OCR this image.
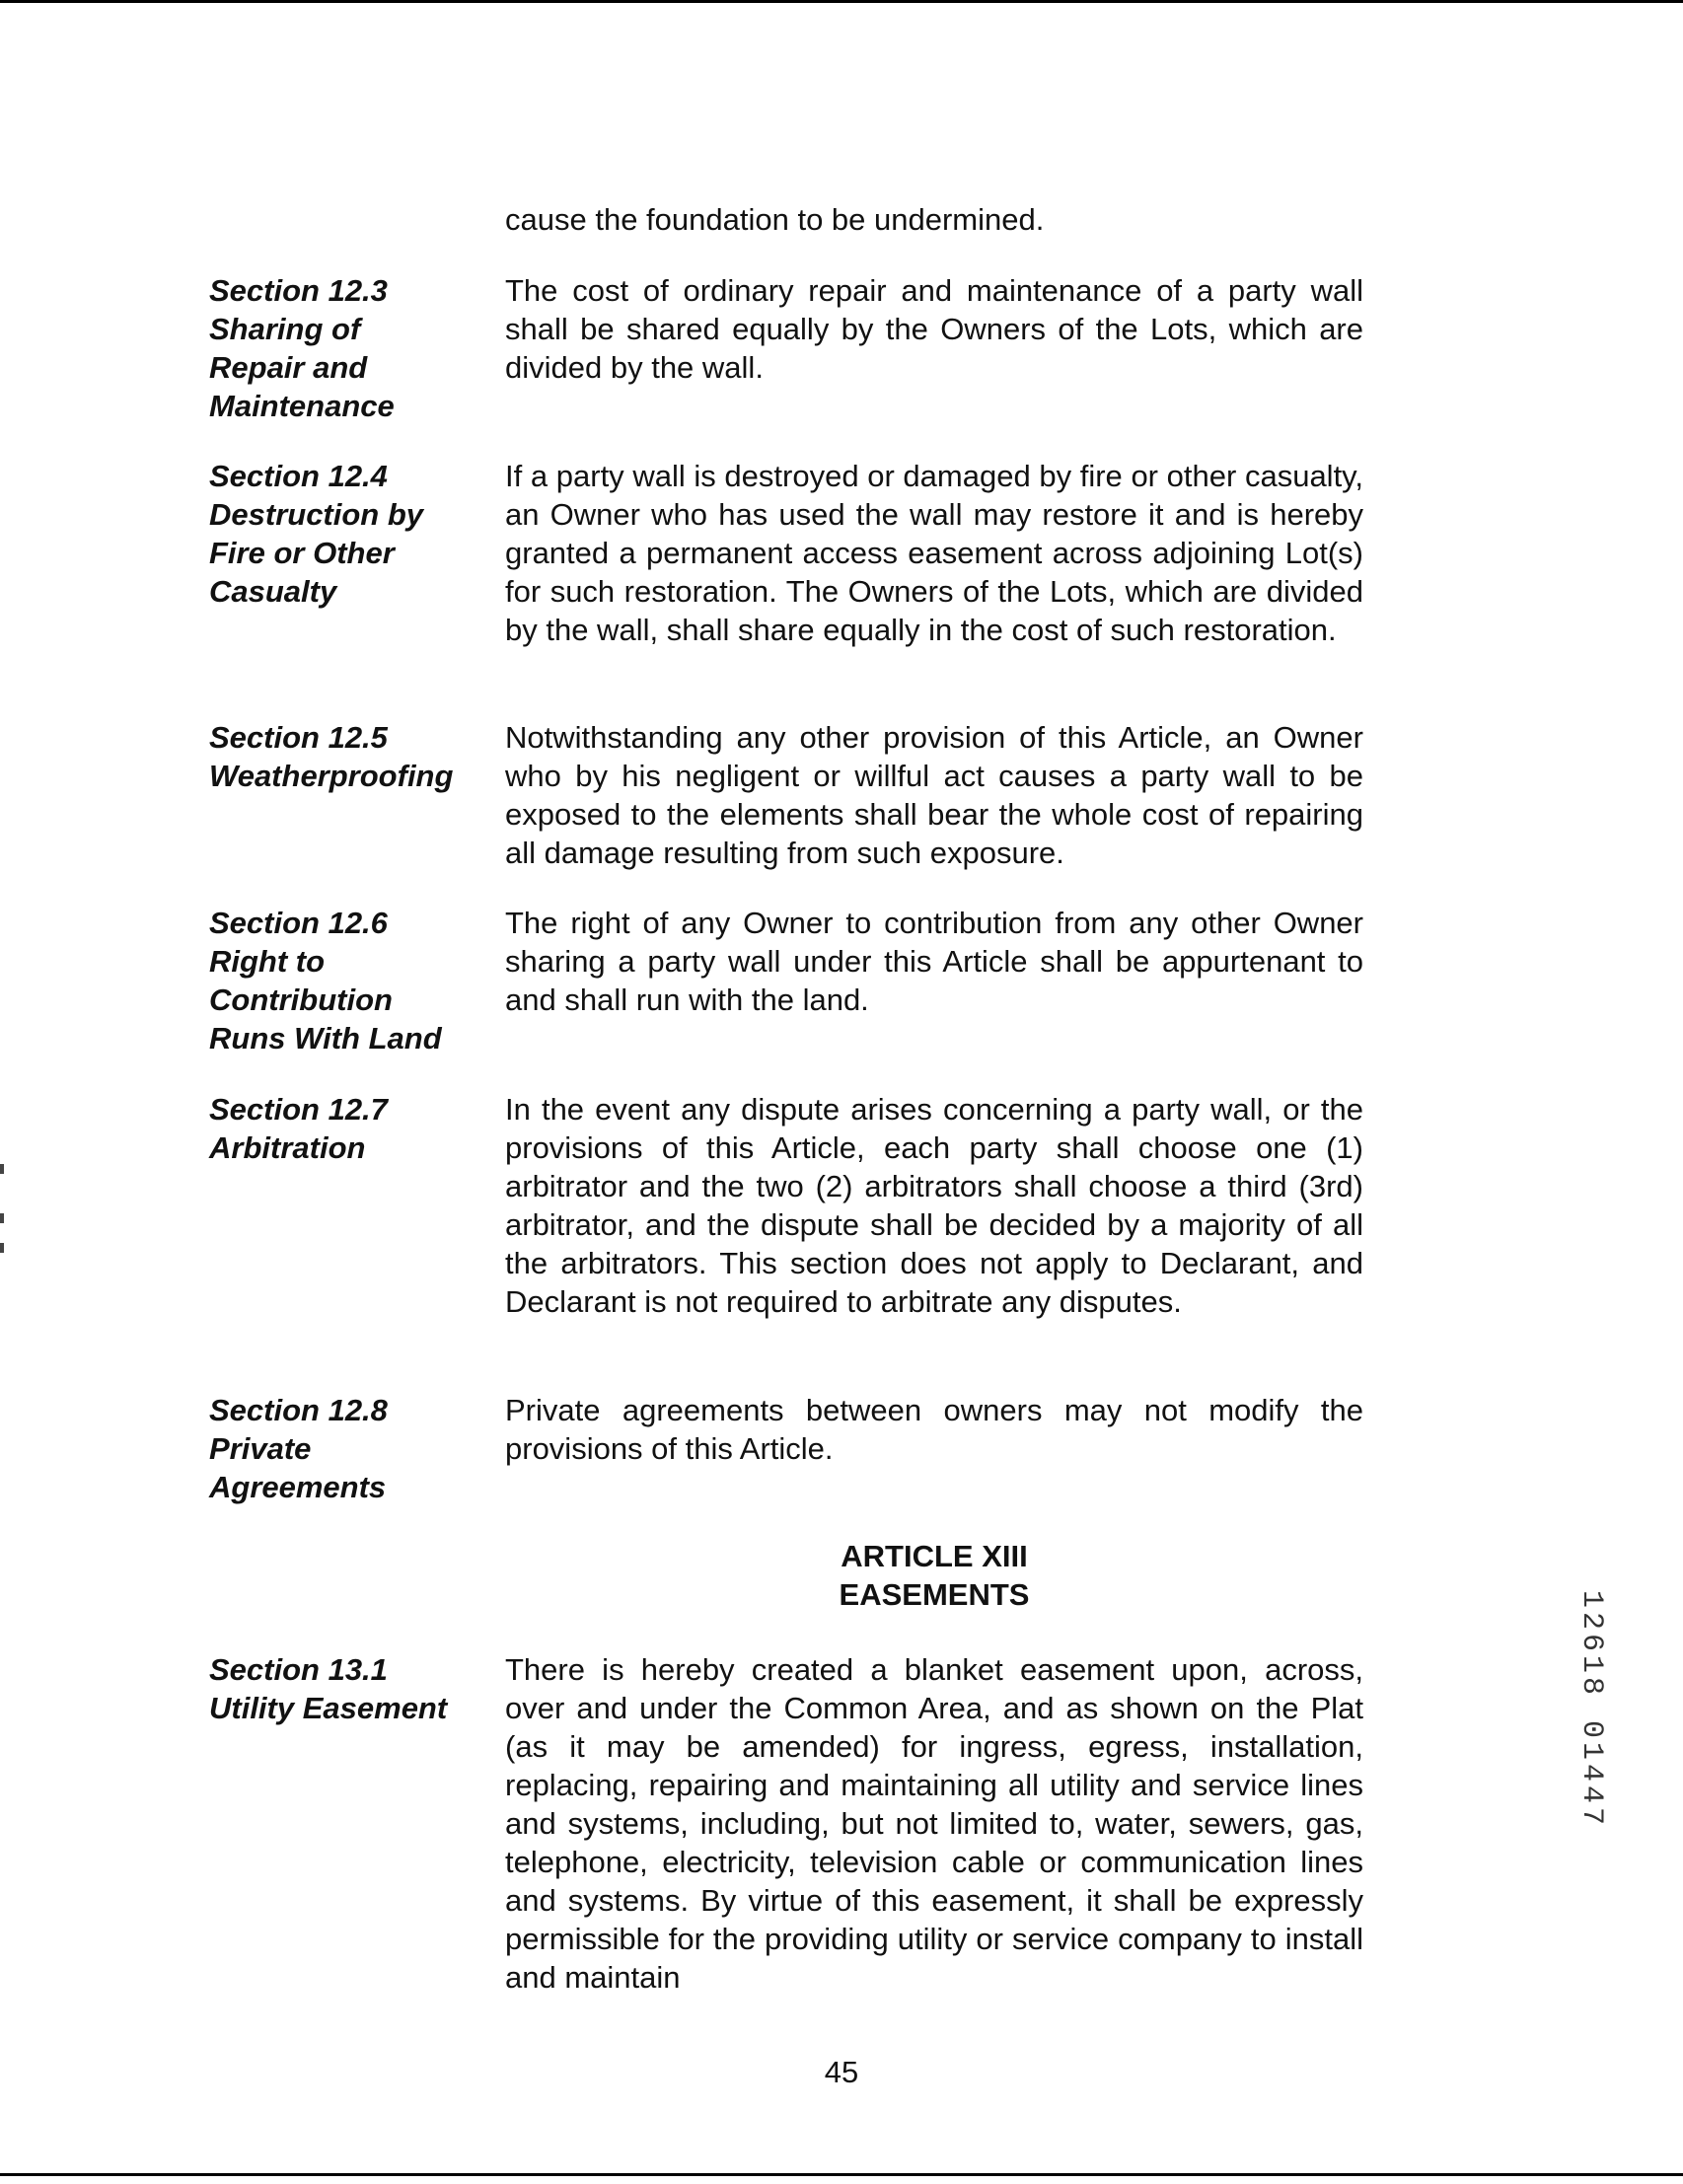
cause the foundation to be undermined.
Section 12.3
Sharing of
Repair and
Maintenance
The cost of ordinary repair and maintenance of a party wall shall be shared equally by the Owners of the Lots, which are divided by the wall.
Section 12.4
Destruction by
Fire or Other
Casualty
If a party wall is destroyed or damaged by fire or other casualty, an Owner who has used the wall may restore it and is hereby granted a permanent access easement across adjoining Lot(s) for such restoration. The Owners of the Lots, which are divided by the wall, shall share equally in the cost of such restoration.
Section 12.5
Weatherproofing
Notwithstanding any other provision of this Article, an Owner who by his negligent or willful act causes a party wall to be exposed to the elements shall bear the whole cost of repairing all damage resulting from such exposure.
Section 12.6
Right to
Contribution
Runs With Land
The right of any Owner to contribution from any other Owner sharing a party wall under this Article shall be appurtenant to and shall run with the land.
Section 12.7
Arbitration
In the event any dispute arises concerning a party wall, or the provisions of this Article, each party shall choose one (1) arbitrator and the two (2) arbitrators shall choose a third (3rd) arbitrator, and the dispute shall be decided by a majority of all the arbitrators. This section does not apply to Declarant, and Declarant is not required to arbitrate any disputes.
Section 12.8
Private
Agreements
Private agreements between owners may not modify the provisions of this Article.
ARTICLE XIII
EASEMENTS
Section 13.1
Utility Easement
There is hereby created a blanket easement upon, across, over and under the Common Area, and as shown on the Plat (as it may be amended) for ingress, egress, installation, replacing, repairing and maintaining all utility and service lines and systems, including, but not limited to, water, sewers, gas, telephone, electricity, television cable or communication lines and systems. By virtue of this easement, it shall be expressly permissible for the providing utility or service company to install and maintain
12618 01447
45
